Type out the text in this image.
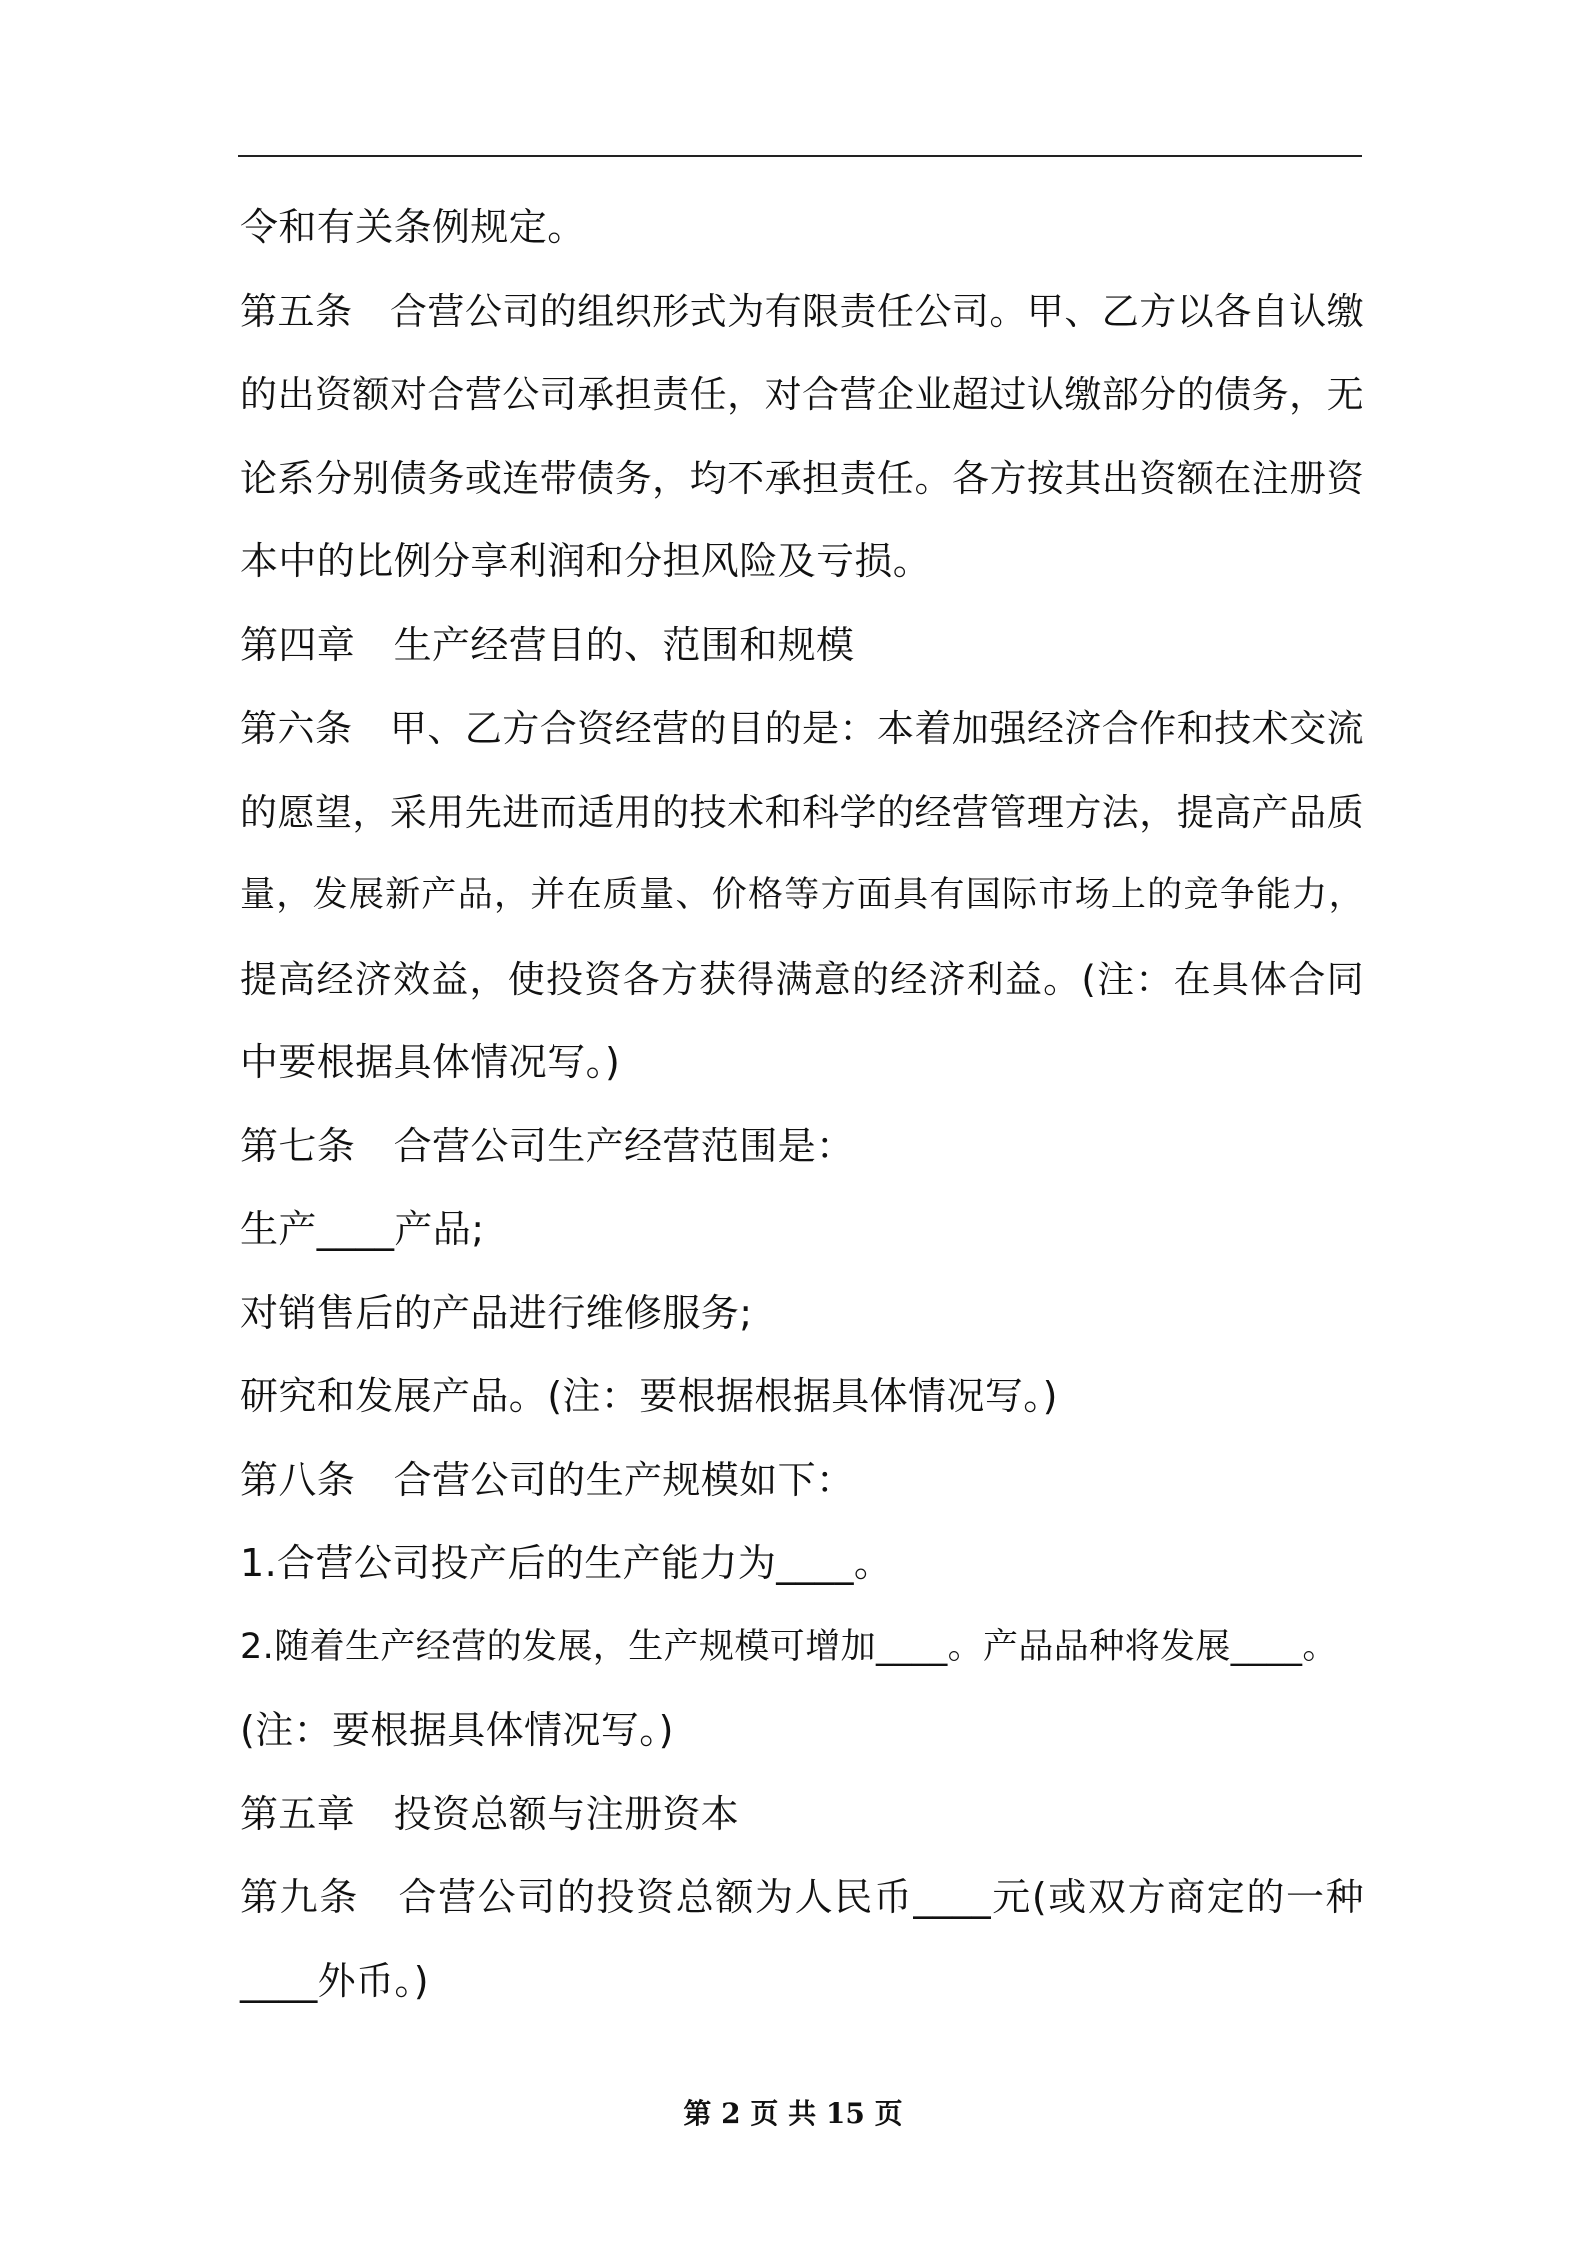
令和有关条例规定。
第五条　合营公司的组织形式为有限责任公司。甲、乙方以各自认缴
的出资额对合营公司承担责任，对合营企业超过认缴部分的债务，无
论系分别债务或连带债务，均不承担责任。各方按其出资额在注册资
本中的比例分享利润和分担风险及亏损。
第四章　生产经营目的、范围和规模
第六条　甲、乙方合资经营的目的是：本着加强经济合作和技术交流
的愿望，采用先进而适用的技术和科学的经营管理方法，提高产品质
量，发展新产品，并在质量、价格等方面具有国际市场上的竞争能力，
提高经济效益，使投资各方获得满意的经济利益。(注：在具体合同
中要根据具体情况写。)
第七条　合营公司生产经营范围是：
生产____产品;
对销售后的产品进行维修服务;
研究和发展产品。(注：要根据根据具体情况写。)
第八条　合营公司的生产规模如下：
1.合营公司投产后的生产能力为____。
2.随着生产经营的发展，生产规模可增加____。产品品种将发展____。
(注：要根据具体情况写。)
第五章　投资总额与注册资本
第九条　合营公司的投资总额为人民币____元(或双方商定的一种
____外币。)
第 2 页 共 15 页
